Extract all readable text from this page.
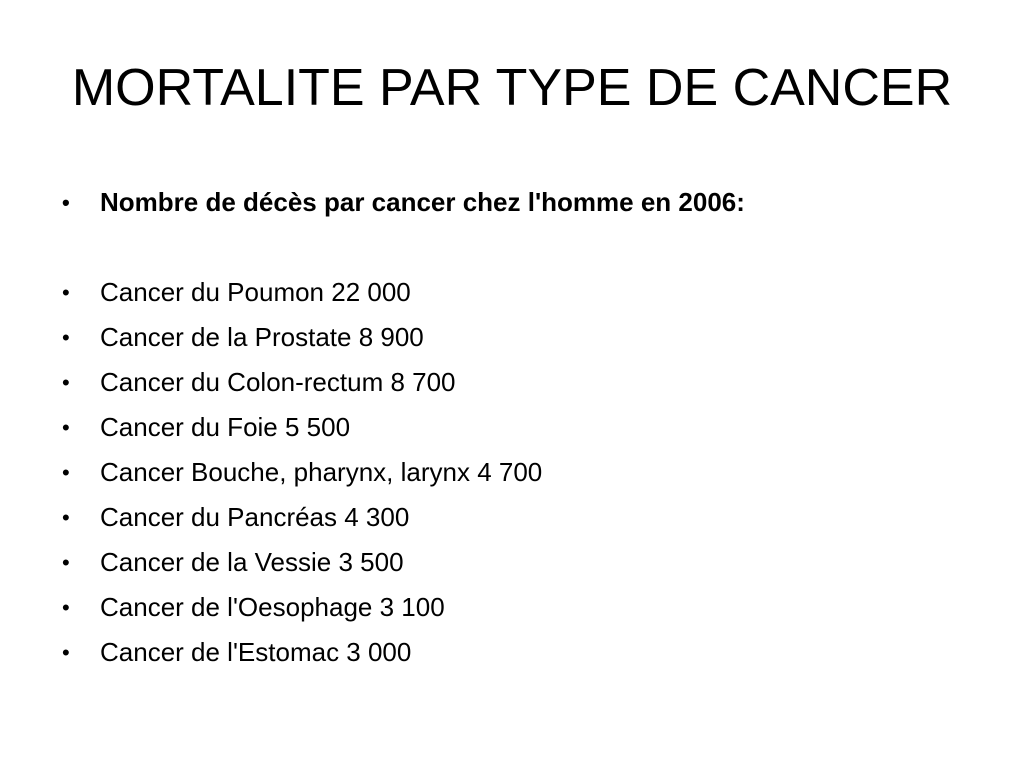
MORTALITE PAR TYPE DE CANCER
• Nombre de décès par cancer chez l'homme en 2006:
• Cancer du Poumon 22 000
• Cancer de la Prostate 8 900
• Cancer du Colon-rectum 8 700
• Cancer du Foie 5 500
• Cancer Bouche, pharynx, larynx 4 700
• Cancer du Pancréas 4 300
• Cancer de la Vessie 3 500
• Cancer de l'Oesophage 3 100
• Cancer de l'Estomac 3 000
